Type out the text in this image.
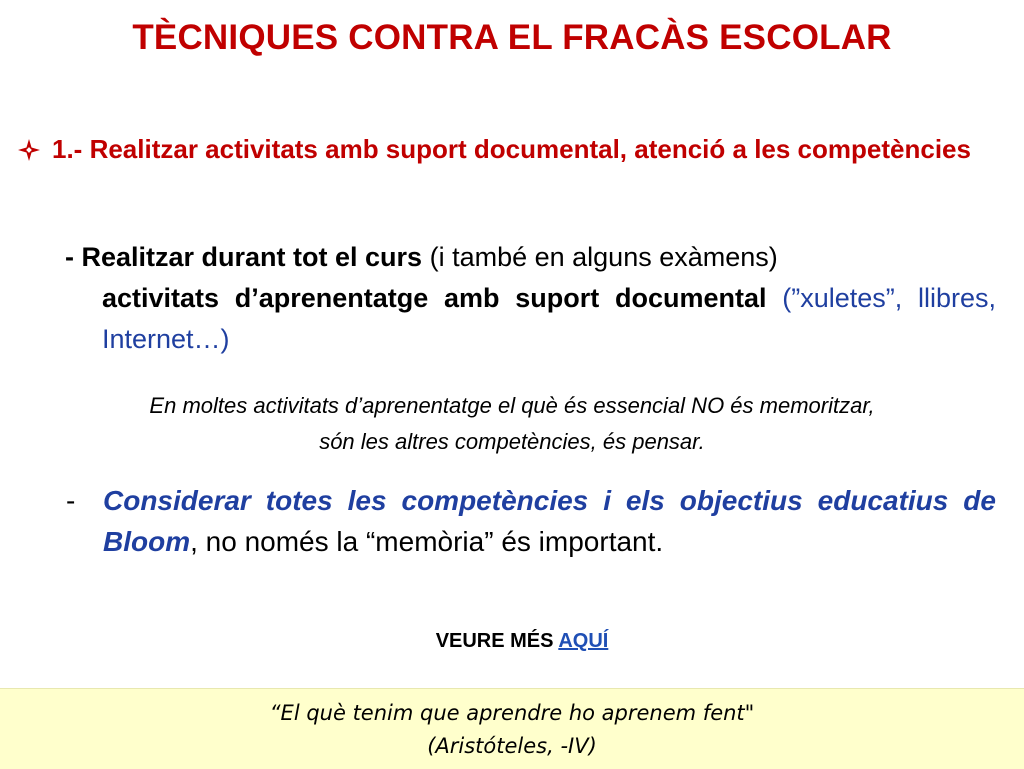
TÈCNIQUES CONTRA EL FRACÀS ESCOLAR
1.- Realitzar activitats amb suport documental, atenció a les competències
- Realitzar durant tot el curs (i també en alguns exàmens)
activitats d’aprenentatge amb suport documental (”xuletes”, llibres, Internet…)
En moltes activitats d’aprenentatge el què és essencial NO és memoritzar,
són les altres competències, és pensar.
- Considerar totes les competències i els objectius educatius de Bloom, no només la “memòria” és important.
VEURE MÉS AQUÍ
“El què tenim que aprendre ho aprenem fent"
(Aristóteles, -IV)
